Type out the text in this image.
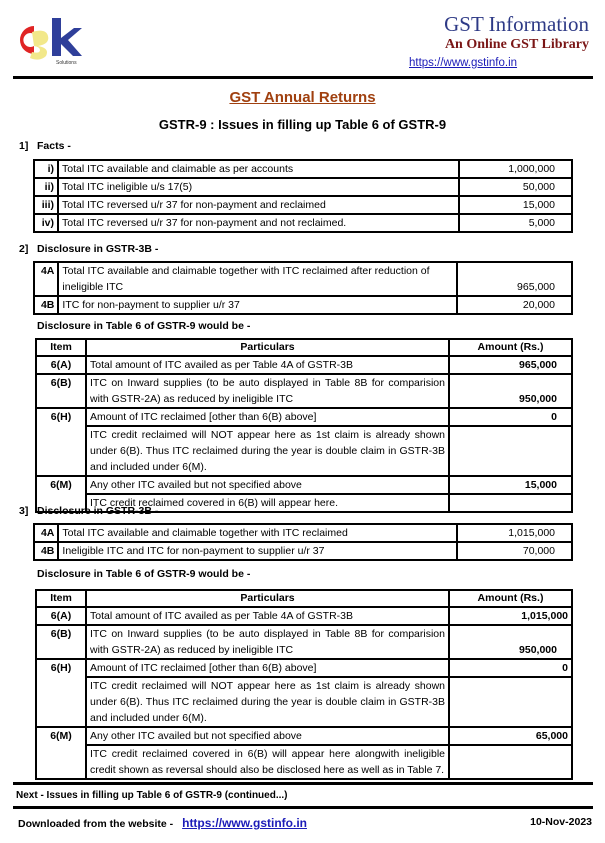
Solutions
GST Information
An Online GST Library
https://www.gstinfo.in
GST Annual Returns
GSTR-9 : Issues in filling up Table 6 of GSTR-9
1] Facts -
i)	Total ITC available and claimable as per accounts	1,000,000
ii)	Total ITC ineligible u/s 17(5)	50,000
iii)	Total ITC reversed u/r 37 for non-payment and reclaimed	15,000
iv)	Total ITC reversed u/r 37 for non-payment and not reclaimed.	5,000
2] Disclosure in GSTR-3B -
4A	Total ITC available and claimable together with ITC reclaimed after reduction of ineligible ITC	965,000
4B	ITC for non-payment to supplier u/r 37	20,000
Disclosure in Table 6 of GSTR-9 would be -
Item	Particulars	Amount (Rs.)
6(A)	Total amount of ITC availed as per Table 4A of GSTR-3B	965,000
6(B)	ITC on Inward supplies (to be auto displayed in Table 8B for comparision with GSTR-2A) as reduced by ineligible ITC	950,000
6(H)	Amount of ITC reclaimed [other than 6(B) above]	0
	ITC credit reclaimed will NOT appear here as 1st claim is already shown under 6(B). Thus ITC reclaimed during the year is double claim in GSTR-3B and included under 6(M).	
6(M)	Any other ITC availed but not specified above	15,000
	ITC credit reclaimed covered in 6(B) will appear here.	
3] Disclosure in GSTR-3B -
4A	Total ITC available and claimable together with ITC reclaimed	1,015,000
4B	Ineligible ITC and ITC for non-payment to supplier u/r 37	70,000
Disclosure in Table 6 of GSTR-9 would be -
Item	Particulars	Amount (Rs.)
6(A)	Total amount of ITC availed as per Table 4A of GSTR-3B	1,015,000
6(B)	ITC on Inward supplies (to be auto displayed in Table 8B for comparision with GSTR-2A) as reduced by ineligible ITC	950,000
6(H)	Amount of ITC reclaimed [other than 6(B) above]	0
	ITC credit reclaimed will NOT appear here as 1st claim is already shown under 6(B). Thus ITC reclaimed during the year is double claim in GSTR-3B and included under 6(M).	
6(M)	Any other ITC availed but not specified above	65,000
	ITC credit reclaimed covered in 6(B) will appear here alongwith ineligible credit shown as reversal should also be disclosed here as well as in Table 7.	
Next - Issues in filling up Table 6 of GSTR-9 (continued...)
Downloaded from the website - https://www.gstinfo.in	10-Nov-2023
